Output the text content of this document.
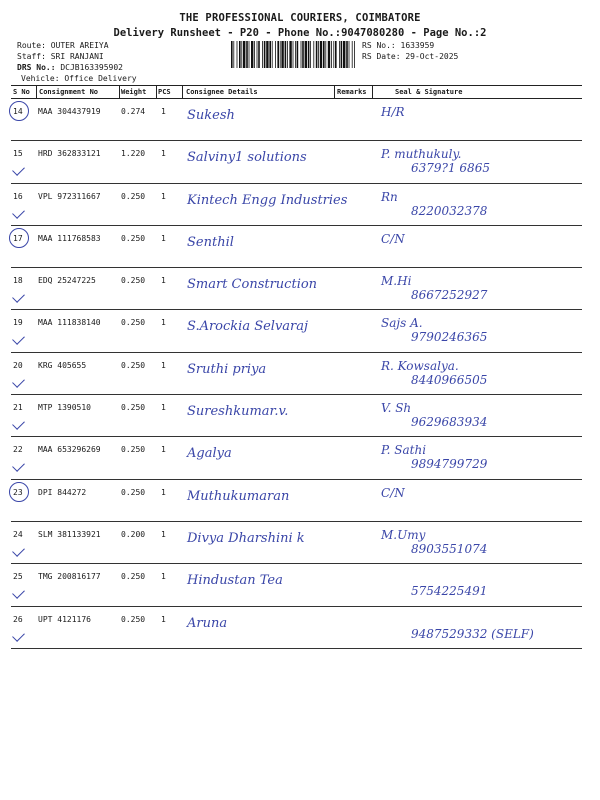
THE PROFESSIONAL COURIERS, COIMBATORE
Delivery Runsheet - P20 - Phone No.:9047080280 - Page No.:2
Route: OUTER AREIYA
Staff: SRI RANJANI
DRS No.: DCJB163395902
Vehicle: Office Delivery
RS No.: 1633959
RS Date: 29-Oct-2025
S No Consignment No	Weight PCS Consignee Details	Remarks	Seal & Signature
14 MAA 304437919	0.274 1 Sukesh	H/R
15 HRD 362833121	1.220 1 Salviny1 solutions	P. muthukuly.
6379?1 6865
16 VPL 972311667	0.250 1 Kintech Engg Industries	Rn
8220032378
17 MAA 111768583	0.250 1 Senthil	C/N
18 EDQ 25247225	0.250 1 Smart Construction	M.Hi
8667252927
19 MAA 111838140	0.250 1 S.Arockia Selvaraj	Sajs A.
9790246365
20 KRG 405655	0.250 1 Sruthi priya	R. Kowsalya.
8440966505
21 MTP 1390510	0.250 1 Sureshkumar.v.	V. Sh
9629683934
22 MAA 653296269	0.250 1 Agalya	P. Sathi
9894799729
23 DPI 844272	0.250 1 Muthukumaran	C/N
24 SLM 381133921	0.200 1 Divya Dharshini k	M.Umy
8903551074
25 TMG 200816177	0.250 1 Hindustan Tea
5754225491
26 UPT 4121176	0.250 1 Aruna
9487529332 (SELF)
